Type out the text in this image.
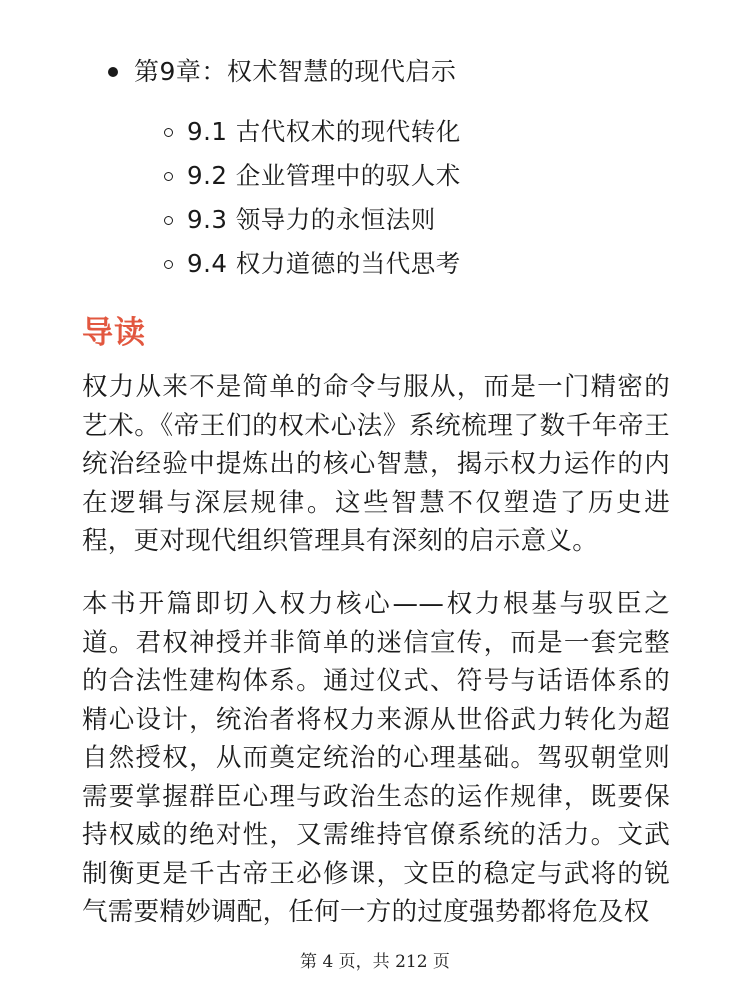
第9章：权术智慧的现代启示
9.1 古代权术的现代转化
9.2 企业管理中的驭人术
9.3 领导力的永恒法则
9.4 权力道德的当代思考
导读

权力从来不是简单的命令与服从，而是一门精密的艺术。《帝王们的权术心法》系统梳理了数千年帝王统治经验中提炼出的核心智慧，揭示权力运作的内在逻辑与深层规律。这些智慧不仅塑造了历史进程，更对现代组织管理具有深刻的启示意义。

本书开篇即切入权力核心——权力根基与驭臣之道。君权神授并非简单的迷信宣传，而是一套完整的合法性建构体系。通过仪式、符号与话语体系的精心设计，统治者将权力来源从世俗武力转化为超自然授权，从而奠定统治的心理基础。驾驭朝堂则需要掌握群臣心理与政治生态的运作规律，既要保持权威的绝对性，又需维持官僚系统的活力。文武制衡更是千古帝王必修课，文臣的稳定与武将的锐气需要精妙调配，任何一方的过度强势都将危及权

第 4 页，共 212 页
